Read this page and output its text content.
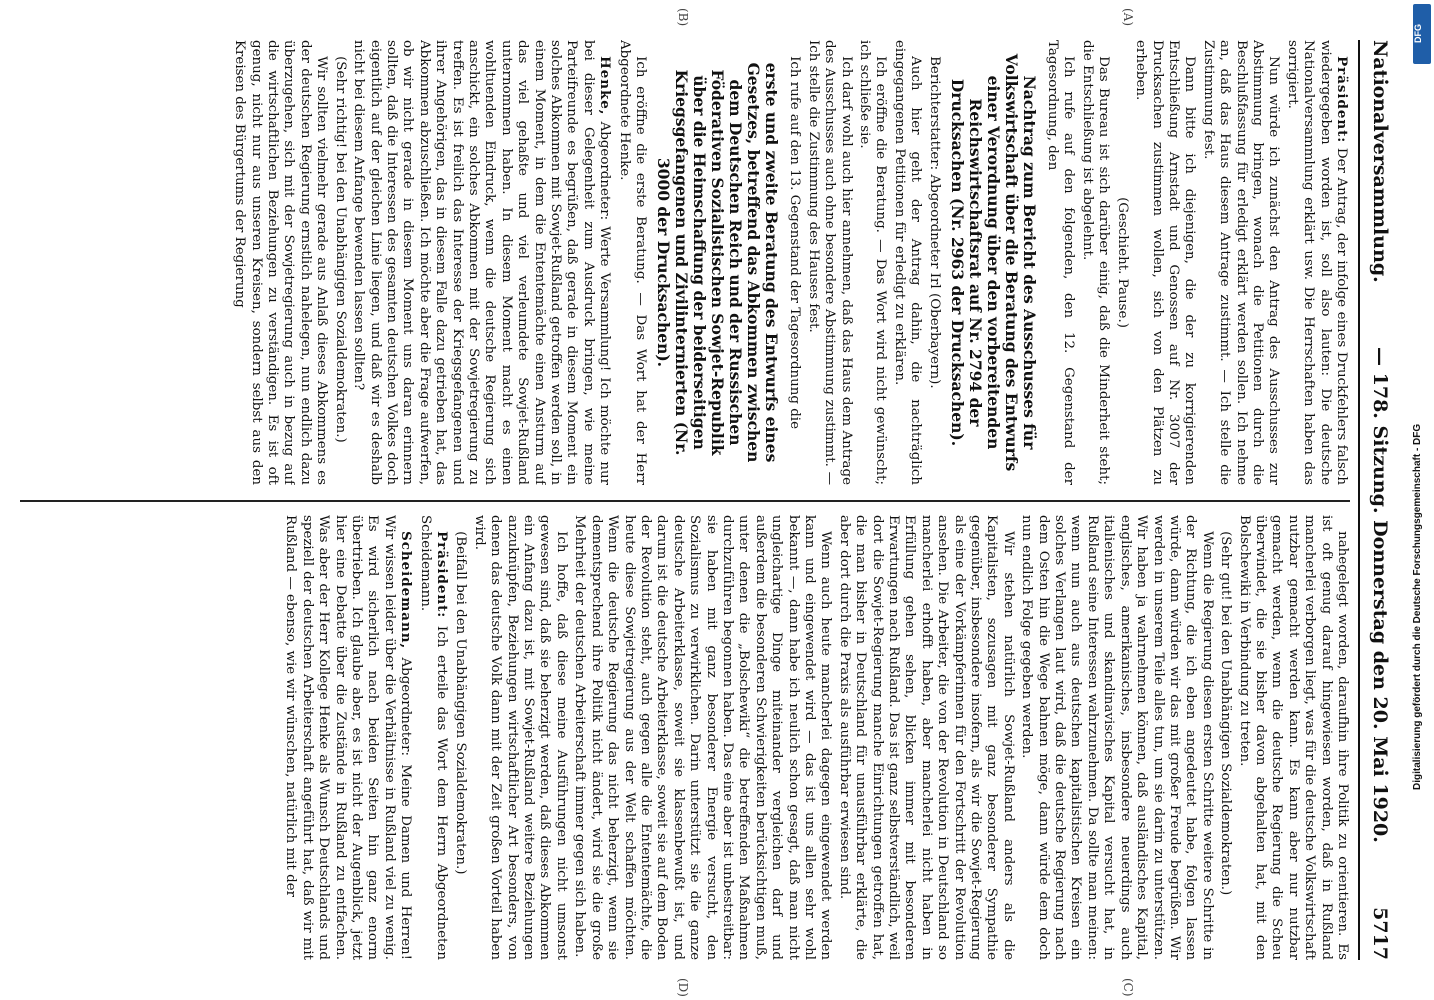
Nationalversammlung.
— 178. Sitzung. Donnerstag den 20. Mai 1920.
5717
(A)
(B)
(C)
(D)

Präsident: Der Antrag, der infolge eines Druckfehlers falsch wiedergegeben worden ist, soll also lauten: Die deutsche Nationalversammlung erklärt usw. Die Herrschaften haben das sorrigiert.

Nun würde ich zunächst den Antrag des Ausschusses zur Abstimmung bringen, wonach die Petitionen durch die Beschlußfassung für erledigt erklärt werden sollen. Ich nehme an, daß das Haus diesem Antrage zustimmt. — Ich stelle die Zustimmung fest.

Dann bitte ich diejenigen, die der zu korrigierenden Entschließung Arnstadt und Genossen auf Nr. 3007 der Drucksachen zustimmen wollen, sich von den Plätzen zu erheben.

(Geschieht. Pause.)

Das Bureau ist sich darüber einig, daß die Minderheit steht; die Entschließung ist abgelehnt.

Ich rufe auf den folgenden, den 12. Gegenstand der Tagesordnung, den

Nachtrag zum Bericht des Ausschusses für Volkswirtschaft über die Beratung des Entwurfs einer Verordnung über den vorbereitenden Reichswirtschaftsrat auf Nr. 2794 der Drucksachen (Nr. 2963 der Drucksachen).

Berichterstatter: Abgeordneter Irl (Oberbayern).

Auch hier geht der Antrag dahin, die nachträglich eingegangenen Petitionen für erledigt zu erklären.

Ich eröffne die Beratung. — Das Wort wird nicht gewünscht; ich schließe sie.

Ich darf wohl auch hier annehmen, daß das Haus dem Antrage des Ausschusses auch ohne besondere Abstimmung zustimmt. — Ich stelle die Zustimmung des Hauses fest.

Ich rufe auf den 13. Gegenstand der Tagesordnung die

erste und zweite Beratung des Entwurfs eines Gesetzes, betreffend das Abkommen zwischen dem Deutschen Reich und der Russischen Föderativen Sozialistischen Sowjet-Republik über die Heimschaffung der beiderseitigen Kriegsgefangenen und Zivilinternierten (Nr. 3000 der Drucksachen).

Ich eröffne die erste Beratung. — Das Wort hat der Herr Abgeordnete Henke.

Henke, Abgeordneter: Werte Versammlung! Ich möchte nur bei dieser Gelegenheit zum Ausdruck bringen, wie meine Parteifreunde es begrüßen, daß gerade in diesem Moment ein solches Abkommen mit Sowjet-Rußland getroffen werden soll, in einem Moment, in dem die Ententemächte einen Ansturm auf das viel gehaßte und viel verleumdete Sowjet-Rußland unternommen haben. In diesem Moment macht es einen wohltuenden Eindruck, wenn die deutsche Regierung sich anschickt, ein solches Abkommen mit der Sowjetregierung zu treffen. Es ist freilich das Interesse der Kriegsgefangenen und ihrer Angehörigen, das in diesem Falle dazu getrieben hat, das Abkommen abzuschließen. Ich möchte aber die Frage aufwerfen, ob wir nicht gerade in diesem Moment uns daran erinnern sollten, daß die Interessen des gesamten deutschen Volkes doch eigentlich auf der gleichen Linie liegen, und daß wir es deshalb nicht bei diesem Anfange bewenden lassen sollten?

(Sehr richtig! bei den Unabhängigen Sozialdemokraten.)

Wir sollten vielmehr gerade aus Anlaß dieses Abkommens es der deutschen Regierung ernstlich nahelegen, nun endlich dazu überzugehen, sich mit der Sowjetregierung auch in bezug auf die wirtschaftlichen Beziehungen zu verständigen. Es ist oft genug, nicht nur aus unseren Kreisen, sondern selbst aus den Kreisen des Bürgertums der Regierung

nahegelegt worden, daraufhin ihre Politik zu orientieren. Es ist oft genug darauf hingewiesen worden, daß in Rußland mancherlei verborgen liegt, was für die deutsche Volkswirtschaft nutzbar gemacht werden kann. Es kann aber nur nutzbar gemacht werden, wenn die deutsche Regierung die Scheu überwindet, die sie bisher davon abgehalten hat, mit den Bolschewiki in Verbindung zu treten.

(Sehr gut! bei den Unabhängigen Sozialdemokraten.)

Wenn die Regierung diesen ersten Schritte weitere Schritte in der Richtung, die ich eben angedeutet habe, folgen lassen würde, dann würden wir das mit großer Freude begrüßen. Wir werden in unserem Teile alles tun, um sie darin zu unterstützen. Wir haben ja wahrnehmen können, daß ausländisches Kapital, englisches, amerikanisches, insbesondere neuerdings auch italienisches und skandinavisches Kapital versucht hat, in Rußland seine Interessen wahrzunehmen. Da sollte man meinen: wenn nun auch aus deutschen kapitalistischen Kreisen ein solches Verlangen laut wird, daß die deutsche Regierung nach dem Osten hin die Wege bahnen möge, dann würde dem doch nun endlich Folge gegeben werden.

Wir stehen natürlich Sowjet-Rußland anders als die Kapitalisten, sozusagen mit ganz besonderer Sympathie gegenüber, insbesondere insofern, als wir die Sowjet-Regierung als eine der Vorkämpferinnen für den Fortschritt der Revolution ansehen. Die Arbeiter, die von der Revolution in Deutschland so mancherlei erhofft haben, aber mancherlei nicht haben in Erfüllung gehen sehen, blicken immer mit besonderen Erwartungen nach Rußland. Das ist ganz selbstverständlich, weil dort die Sowjet-Regierung manche Einrichtungen getroffen hat, die man bisher in Deutschland für unausführbar erklärte, die aber dort durch die Praxis als ausführbar erwiesen sind.

Wenn auch heute mancherlei dagegen eingewendet werden kann und eingewendet wird — das ist uns allen sehr wohl bekannt —, dann habe ich neulich schon gesagt, daß man nicht ungleichartige Dinge miteinander vergleichen darf und außerdem die besonderen Schwierigkeiten berücksichtigen muß, unter denen die „Bolschewiki“ die betreffenden Maßnahmen durchzuführen begonnen haben. Das eine aber ist unbestreitbar: sie haben mit ganz besonderer Energie versucht, den Sozialismus zu verwirklichen. Darin unterstützt sie die ganze deutsche Arbeiterklasse, soweit sie klassenbewußt ist, und darum ist die deutsche Arbeiterklasse, soweit sie auf dem Boden der Revolution steht, auch gegen alle die Ententemächte, die heute diese Sowjetregierung aus der Welt schaffen möchten. Wenn die deutsche Regierung das nicht beherzigt, wenn sie dementsprechend ihre Politik nicht ändert, wird sie die große Mehrheit der deutschen Arbeiterschaft immer gegen sich haben.

Ich hoffe, daß diese meine Ausführungen nicht umsonst gewesen sind, daß sie beherzigt werden, daß dieses Abkommen ein Anfang dazu ist, mit Sowjet-Rußland weitere Beziehungen anzuknüpfen, Beziehungen wirtschaftlicher Art besonders, von denen das deutsche Volk dann mit der Zeit großen Vorteil haben wird.

(Beifall bei den Unabhängigen Sozialdemokraten.)

Präsident: Ich erteile das Wort dem Herrn Abgeordneten Scheidemann.

Scheidemann, Abgeordneter: Meine Damen und Herren! Wir wissen leider über die Verhältnisse in Rußland viel zu wenig. Es wird sicherlich nach beiden Seiten hin ganz enorm übertrieben. Ich glaube aber, es ist nicht der Augenblick, jetzt hier eine Debatte über die Zustände in Rußland zu entfachen. Was aber der Herr Kollege Henke als Wunsch Deutschlands und speziell der deutschen Arbeiterschaft angeführt hat, daß wir mit Rußland — ebenso, wie wir wünschen, natürlich mit der

DFG
Digitalisierung gefördert durch die Deutsche Forschungsgemeinschaft - DFG
